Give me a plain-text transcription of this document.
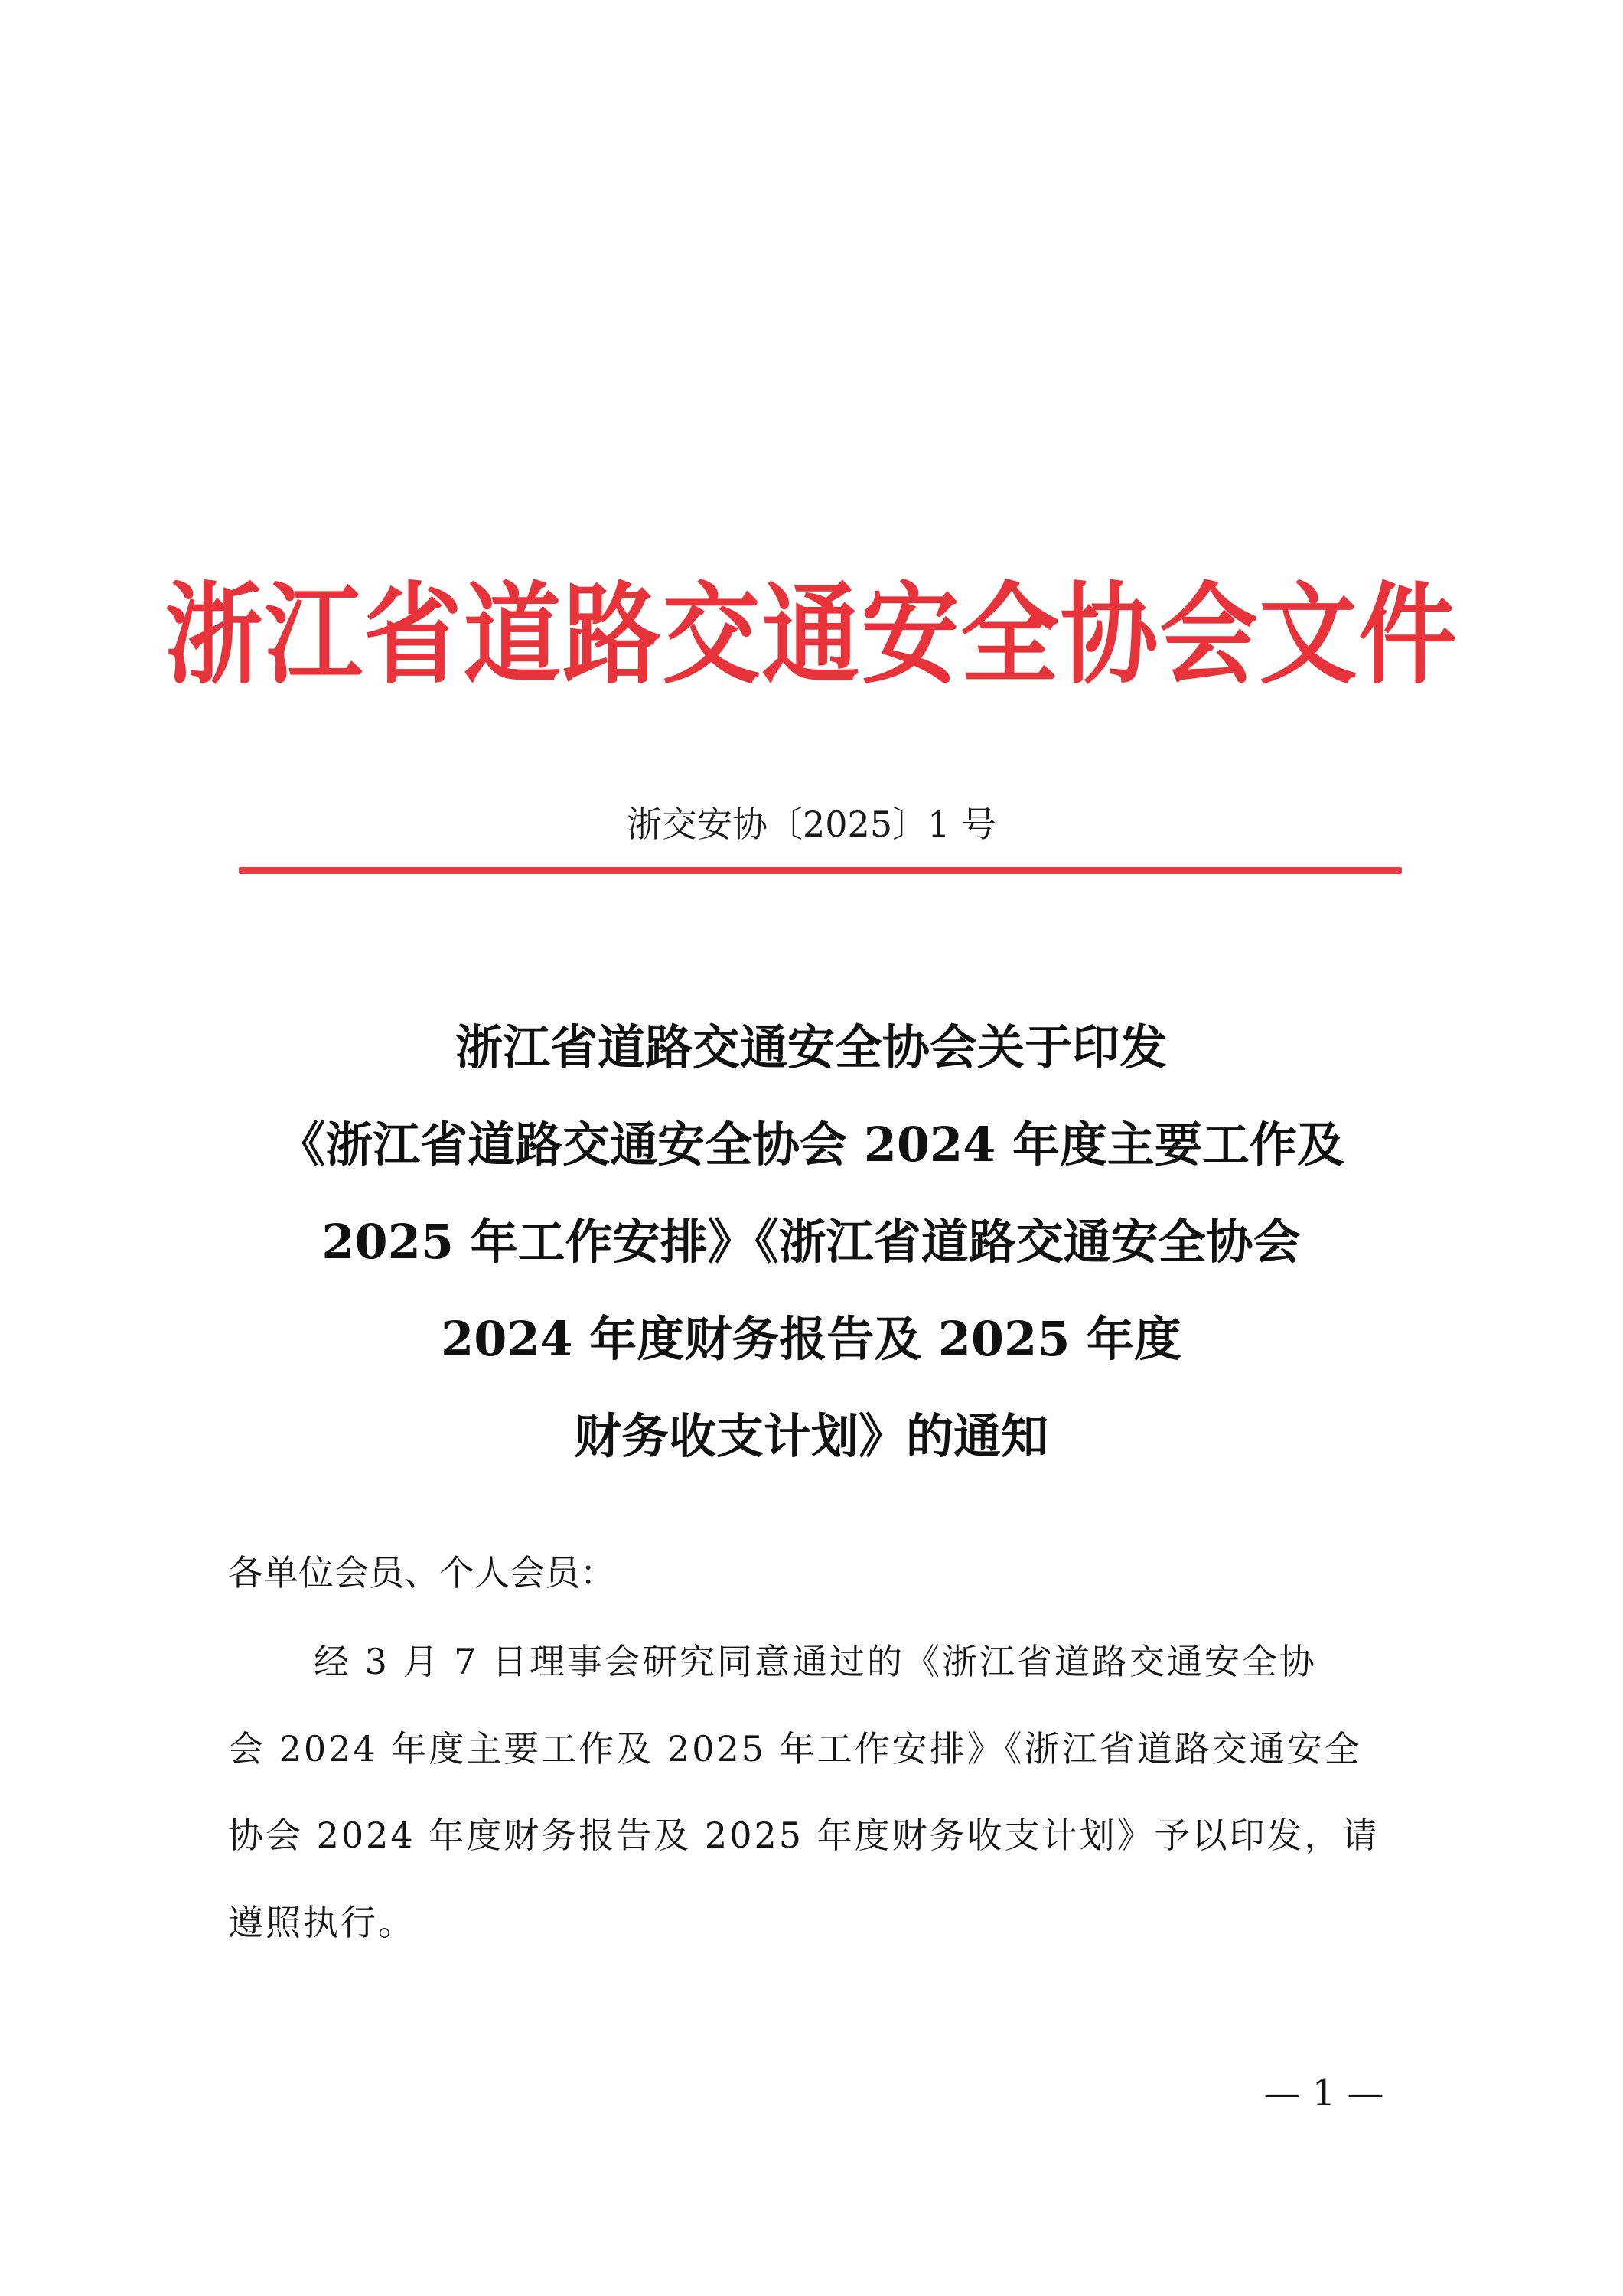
浙江省道路交通安全协会文件
浙交安协〔2025〕1 号
浙江省道路交通安全协会关于印发
《浙江省道路交通安全协会 2024 年度主要工作及
2025 年工作安排》《浙江省道路交通安全协会
2024 年度财务报告及 2025 年度
财务收支计划》的通知
各单位会员、个人会员：
经 3 月 7 日理事会研究同意通过的《浙江省道路交通安全协
会 2024 年度主要工作及 2025 年工作安排》《浙江省道路交通安全
协会 2024 年度财务报告及 2025 年度财务收支计划》予以印发，请
遵照执行。
— 1 —
